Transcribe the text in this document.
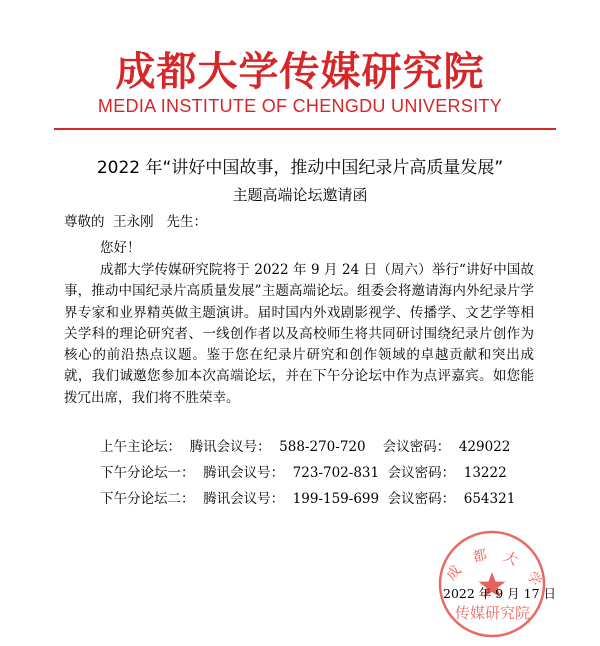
成都大学传媒研究院
MEDIA INSTITUTE OF CHENGDU UNIVERSITY
2022 年“讲好中国故事，推动中国纪录片高质量发展”
主题高端论坛邀请函
尊敬的  王永刚   先生：
您好！
成都大学传媒研究院将于 2022 年 9 月 24 日（周六）举行“讲好中国故事，推动中国纪录片高质量发展”主题高端论坛。组委会将邀请海内外纪录片学界专家和业界精英做主题演讲。届时国内外戏剧影视学、传播学、文艺学等相关学科的理论研究者、一线创作者以及高校师生将共同研讨围绕纪录片创作为核心的前沿热点议题。鉴于您在纪录片研究和创作领域的卓越贡献和突出成就，我们诚邀您参加本次高端论坛，并在下午分论坛中作为点评嘉宾。如您能拨冗出席，我们将不胜荣幸。
上午主论坛：  腾讯会议号：  588-270-720    会议密码：  429022
下午分论坛一：  腾讯会议号：  723-702-831  会议密码：  13222
下午分论坛二：  腾讯会议号：  199-159-699  会议密码：  654321
成 都 大 学
2022 年 9 月 17 日
传媒研究院
